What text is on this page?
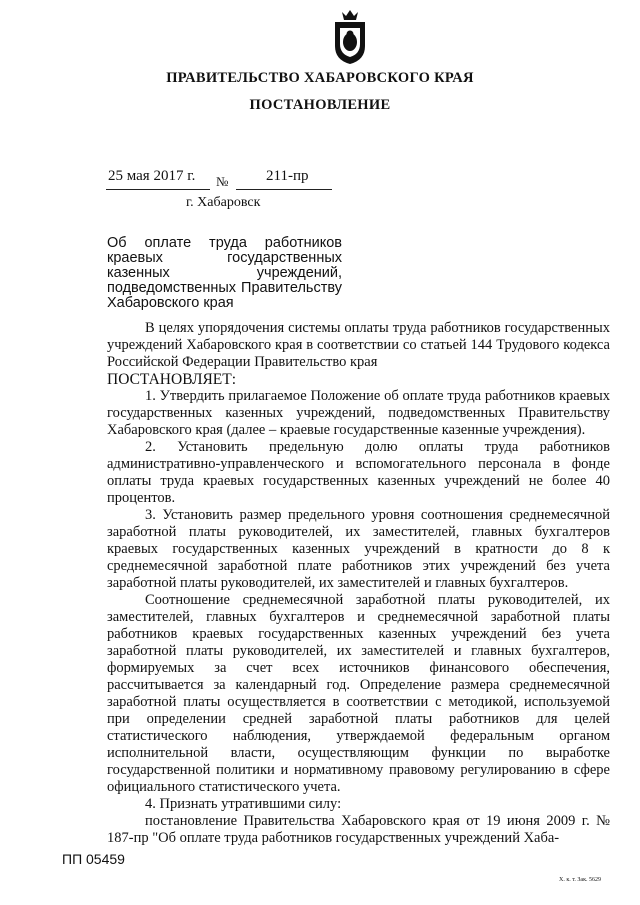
ПРАВИТЕЛЬСТВО ХАБАРОВСКОГО КРАЯ
ПОСТАНОВЛЕНИЕ
25 мая 2017 г. №	211-пр
г. Хабаровск
Об оплате труда работников краевых государственных казенных учреждений, подведомственных Правительству Хабаровского края

В целях упорядочения системы оплаты труда работников государственных учреждений Хабаровского края в соответствии со статьей 144 Трудового кодекса Российской Федерации Правительство края

ПОСТАНОВЛЯЕТ:

1. Утвердить прилагаемое Положение об оплате труда работников краевых государственных казенных учреждений, подведомственных Правительству Хабаровского края (далее – краевые государственные казенные учреждения).

2. Установить предельную долю оплаты труда работников административно-управленческого и вспомогательного персонала в фонде оплаты труда краевых государственных казенных учреждений не более 40 процентов.

3. Установить размер предельного уровня соотношения среднемесячной заработной платы руководителей, их заместителей, главных бухгалтеров краевых государственных казенных учреждений в кратности до 8 к среднемесячной заработной плате работников этих учреждений без учета заработной платы руководителей, их заместителей и главных бухгалтеров.

Соотношение среднемесячной заработной платы руководителей, их заместителей, главных бухгалтеров и среднемесячной заработной платы работников краевых государственных казенных учреждений без учета заработной платы руководителей, их заместителей и главных бухгалтеров, формируемых за счет всех источников финансового обеспечения, рассчитывается за календарный год. Определение размера среднемесячной заработной платы осуществляется в соответствии с методикой, используемой при определении средней заработной платы работников для целей статистического наблюдения, утверждаемой федеральным органом исполнительной власти, осуществляющим функции по выработке государственной политики и нормативному правовому регулированию в сфере официального статистического учета.

4. Признать утратившими силу:

постановление Правительства Хабаровского края от 19 июня 2009 г. № 187-пр "Об оплате труда работников государственных учреждений Хаба-

ПП 05459
Х. к. т. Зак. 5629
